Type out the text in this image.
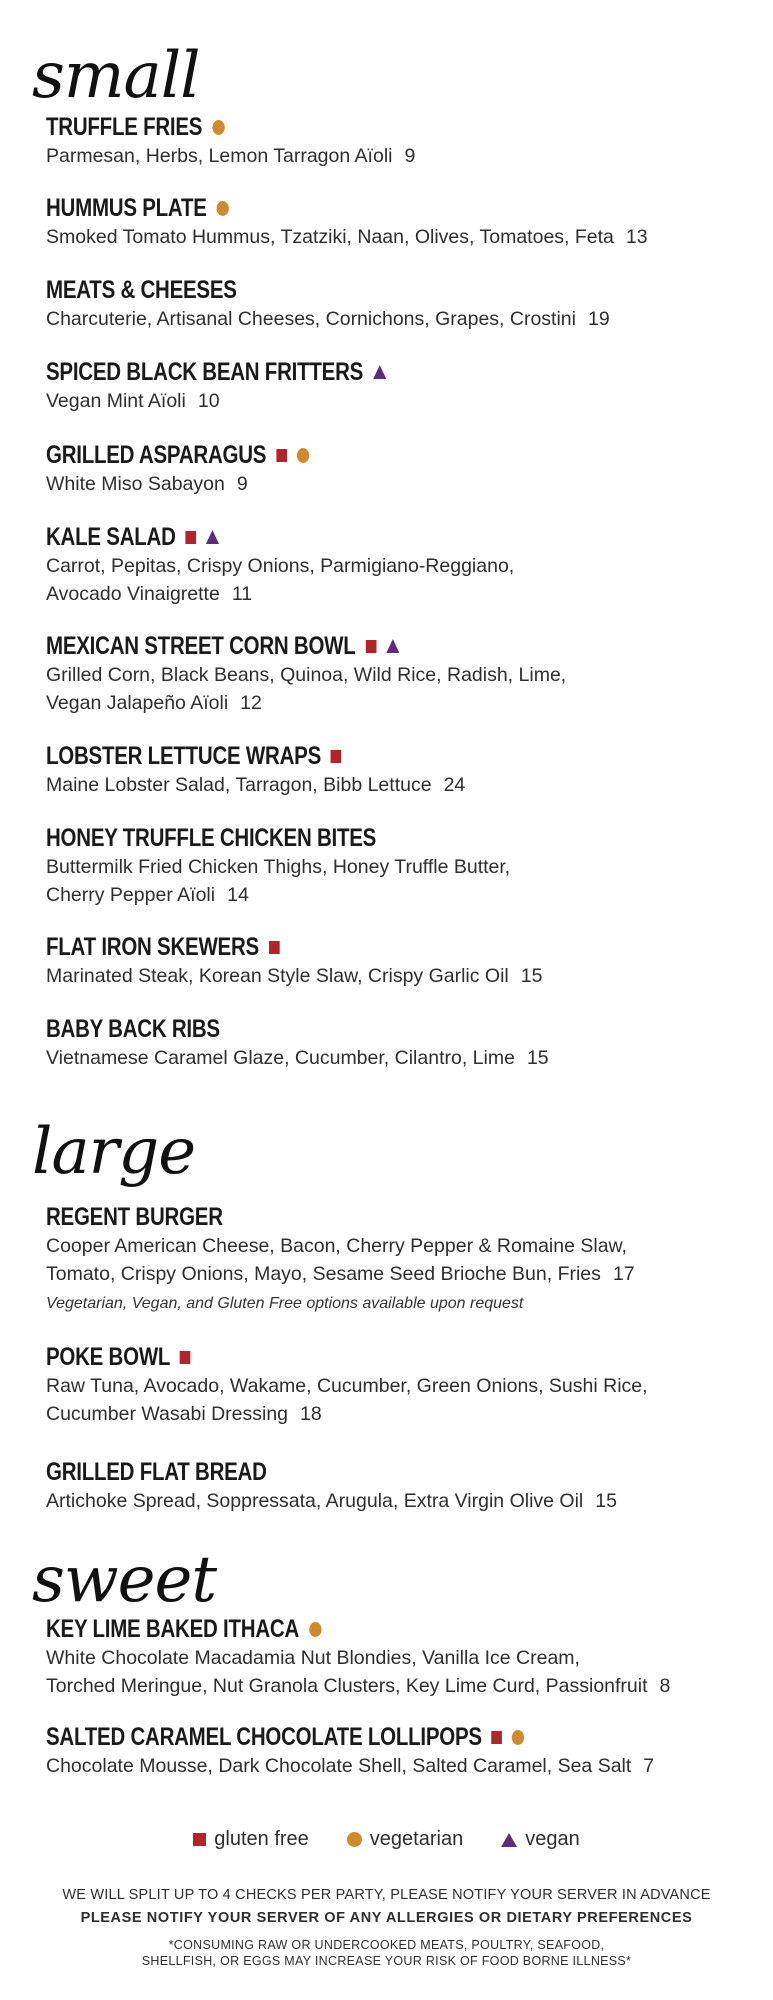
small
large
sweet
TRUFFLE FRIES
Parmesan, Herbs, Lemon Tarragon Aïoli 9
HUMMUS PLATE
Smoked Tomato Hummus, Tzatziki, Naan, Olives, Tomatoes, Feta 13
MEATS & CHEESES
Charcuterie, Artisanal Cheeses, Cornichons, Grapes, Crostini 19
SPICED BLACK BEAN FRITTERS
Vegan Mint Aïoli 10
GRILLED ASPARAGUS
White Miso Sabayon 9
KALE SALAD
Carrot, Pepitas, Crispy Onions, Parmigiano-Reggiano,
Avocado Vinaigrette 11
MEXICAN STREET CORN BOWL
Grilled Corn, Black Beans, Quinoa, Wild Rice, Radish, Lime,
Vegan Jalapeño Aïoli 12
LOBSTER LETTUCE WRAPS
Maine Lobster Salad, Tarragon, Bibb Lettuce 24
HONEY TRUFFLE CHICKEN BITES
Buttermilk Fried Chicken Thighs, Honey Truffle Butter,
Cherry Pepper Aïoli 14
FLAT IRON SKEWERS
Marinated Steak, Korean Style Slaw, Crispy Garlic Oil 15
BABY BACK RIBS
Vietnamese Caramel Glaze, Cucumber, Cilantro, Lime 15
REGENT BURGER
Cooper American Cheese, Bacon, Cherry Pepper & Romaine Slaw,
Tomato, Crispy Onions, Mayo, Sesame Seed Brioche Bun, Fries 17
Vegetarian, Vegan, and Gluten Free options available upon request
POKE BOWL
Raw Tuna, Avocado, Wakame, Cucumber, Green Onions, Sushi Rice,
Cucumber Wasabi Dressing 18
GRILLED FLAT BREAD
Artichoke Spread, Soppressata, Arugula, Extra Virgin Olive Oil 15
KEY LIME BAKED ITHACA
White Chocolate Macadamia Nut Blondies, Vanilla Ice Cream,
Torched Meringue, Nut Granola Clusters, Key Lime Curd, Passionfruit 8
SALTED CARAMEL CHOCOLATE LOLLIPOPS
Chocolate Mousse, Dark Chocolate Shell, Salted Caramel, Sea Salt 7
gluten free	vegetarian	vegan
WE WILL SPLIT UP TO 4 CHECKS PER PARTY, PLEASE NOTIFY YOUR SERVER IN ADVANCE
PLEASE NOTIFY YOUR SERVER OF ANY ALLERGIES OR DIETARY PREFERENCES
*CONSUMING RAW OR UNDERCOOKED MEATS, POULTRY, SEAFOOD,
SHELLFISH, OR EGGS MAY INCREASE YOUR RISK OF FOOD BORNE ILLNESS*
